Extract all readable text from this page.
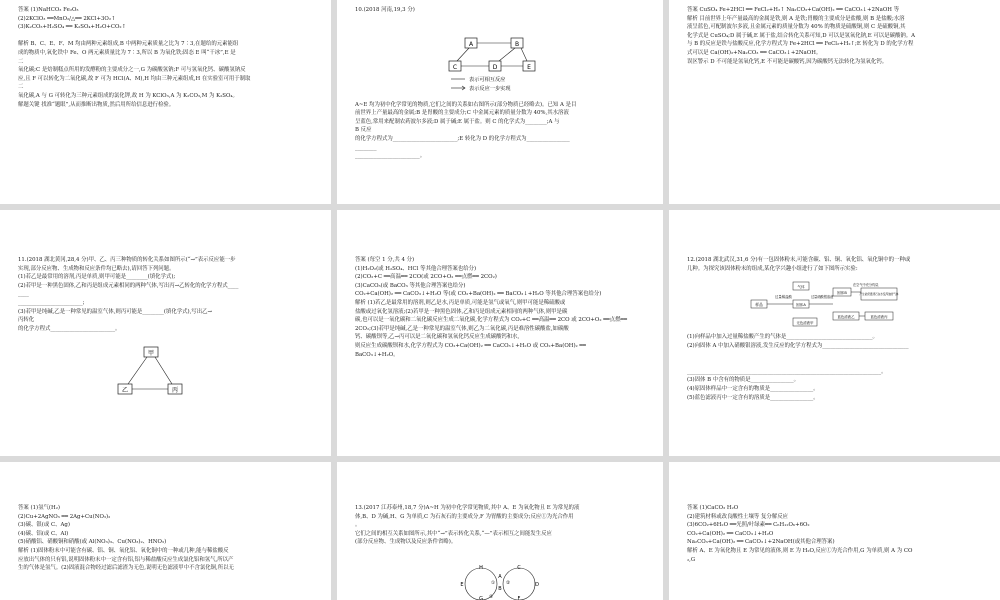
答案 (1)NaHCO₃ Fe₂O₃
(2)2KClO₃ ══MnO₂/△══ 2KCl+3O₂↑
(3)K₂CO₃+H₂SO₄ ══ K₂SO₄+H₂O+CO₂↑
解析 B、C、E、F、M 均由两种元素组成,B 中两种元素质量之比为 7∶3,在题给的元素能组
成的物质中,氧化铁中 Fe、O 两元素质量比为 7∶3,所以 B 为氧化铁;固态 E 叫“干冰”,E 是
二
氧化碳;C 是焙制糕点所用的发酵粉的主要成分之一,G 为碳酸氢钠;F 可与氢氧化钙、碳酸氢钠反
应,且 F 可以转化为二氧化碳,故 F 可为 HCl(A、M),H 均由三种元素组成,H 在实验室可用于制取
二
氧化碳,A 与 G 可转化为三种元素组成的氯化钾,故 H 为 KClO₃,A 为 K₂CO₃,M 为 K₂SO₄。
解题关键 找准“题眼”,从而推断出物质,然后用所给信息进行检验。
10.(2018 河南,19,3 分)
A~E 均为初中化学常见的物质,它们之间的关系如右图所示(部分物质已经略去)。已知 A 是目
前世界上产量最高的金属;B 是胃酸的主要成分;C 中金属元素的质量分数为 40%,其水溶液
呈蓝色,常用来配制农药波尔多液;D 属于碱;E 属于盐。则 C 的化学式为________;A 与
B 反应
的化学方程式为________________________;E 转化为 D 的化学方程式为________________
________
________________________。
A	B
C	D	E
表示可相互反应
表示反应一步实现
答案 CuSO₄ Fe+2HCl ══ FeCl₂+H₂↑ Na₂CO₃+Ca(OH)₂ ══ CaCO₃↓+2NaOH 等
解析 目前世界上年产量最高的金属是铁,则 A 是铁;胃酸的主要成分是盐酸,则 B 是盐酸;水溶
液呈蓝色,可配制波尔多液,且金属元素的质量分数为 40% 的物质是硫酸铜,则 C 是硫酸铜,其
化学式是 CuSO₄;D 属于碱,E 属于盐,结合转化关系可知,D 可以是氢氧化钠,E 可以是碳酸钠。A
与 B 的反应是铁与盐酸反应,化学方程式为 Fe+2HCl ══ FeCl₂+H₂↑;E 转化为 D 的化学方程
式可以是 Ca(OH)₂+Na₂CO₃ ══ CaCO₃↓+2NaOH。
误区警示 D 不可能是氢氧化钙,E 不可能是碳酸钙,因为碳酸钙无法转化为氢氧化钙。
11.(2018 湖北黄冈,28,4 分)甲、乙、丙三种物质的转化关系如图所示(“→”表示反应能一步
实现,部分反应物、生成物和反应条件均已略去),请回答下列问题。
(1)若乙是最常用的溶剂,丙是单质,则甲可能是________(填化学式);
(2)若甲是一种黑色固体,乙和丙是组成元素相同的两种气体,写出丙→乙转化的化学方程式____
____
________________________;
(3)若甲是纯碱,乙是一种常见的温室气体,则丙可能是________(填化学式),写出乙→
丙转化
的化学方程式________________________。
甲
乙	丙
答案 (每空 1 分,共 4 分)
(1)H₂O₂(或 H₂SO₄、HCl 等其他合理答案也给分)
(2)CO₂+C ══高温══ 2CO(或 2CO+O₂ ══点燃══ 2CO₂)
(3)CaCO₃(或 BaCO₃ 等其他合理答案也给分)
CO₂+Ca(OH)₂ ══ CaCO₃↓+H₂O 等(或 CO₂+Ba(OH)₂ ══ BaCO₃↓+H₂O 等其他合理答案也给分)
解析 (1)若乙是最常用的溶剂,则乙是水,丙是单质,可能是氢气或氧气,则甲可能是稀硫酸或
盐酸或过氧化氢溶液;(2)若甲是一种黑色固体,乙和丙是组成元素相同的两种气体,则甲是碳
碳,也可以是一氧化碳和二氧化碳反应生成二氧化碳,化学方程式为 CO₂+C ══高温══ 2CO 或 2CO+O₂ ══点燃══
2CO₂;(3)若甲是纯碱,乙是一种常见的温室气体,则乙为二氧化碳,丙是难溶性碳酸盐,如碳酸
钙、碳酸钡等,乙→丙可以是二氧化碳和氢氧化钙反应生成碳酸钙和水,
则反应生成碳酸钡和水,化学方程式为 CO₂+Ca(OH)₂ ══ CaCO₃↓+H₂O 或 CO₂+Ba(OH)₂ ══
BaCO₃↓+H₂O。
12.(2018 湖北武汉,31,6 分)有一包固体粉末,可能含碳、铝、铜、氧化铝、氧化铜中的一种或
几种。为探究该固体粉末的组成,某化学兴趣小组进行了如下图所示实验:
(1)向样品中加入过量稀盐酸产生的气体是________________________________。
(2)向固体 A 中加入硝酸银溶液,发生反应的化学方程式为________________________________
________________________________________________________________________。
(3)固体 B 中含有的物质是________________。
(4)原固体样品中一定含有的物质是________________。
(5)蓝色滤液丙中一定含有的溶质是________________。
样品
过量稀盐酸
气体
固体A
过量硝酸银溶液
无色滤液甲
固体B
蓝色滤液乙
在空气中充分灼烧
产生能使澄清石灰水变浑浊的气体
蓝色滤液丙
答案 (1)氢气(H₂)
(2)Cu+2AgNO₃ ══ 2Ag+Cu(NO₃)₂
(3)碳、银(或 C、Ag)
(4)碳、铝(或 C、Al)
(5)硝酸铝、硝酸铜和硝酸(或 Al(NO₃)₃、Cu(NO₃)₂、HNO₃)
解析 (1)固体粉末中可能含有碳、铝、铜、氧化铝、氧化铜中的一种或几种,能与稀盐酸反
应放出气体的只有铝,说明固体粉末中一定含有铝,铝与稀盐酸反应生成氯化铝和氢气,所以产
生的气体是氢气。(2)固液混合物经过滤后滤渣为无色,说明无色滤液甲中不含氯化铜,所以无
13.(2017 江苏泰州,18,7 分)A~H 为初中化学常见物质,其中 A、E 为氧化物且 E 为常见的液
体,B、D 为碱,H、G 为单质,C 为石灰石的主要成分,F 为胃酸的主要成分;反应①为光合作用
。
它们之间的相互关系如图所示,其中“→”表示转化关系,“—”表示相互之间能发生反应
(部分反应物、生成物以及反应条件省略)。
H
A
B
C
D
E
F
G
① ②
③
答案 (1)CaCO₃ H₂O
(2)建筑材料或改良酸性土壤等 复分解反应
(3)6CO₂+6H₂O ══光照/叶绿素══ C₆H₁₂O₆+6O₂
CO₂+Ca(OH)₂ ══ CaCO₃↓+H₂O
Na₂CO₃+Ca(OH)₂ ══ CaCO₃↓+2NaOH(或其他合理答案)
解析 A、E 为氧化物且 E 为常见的液体,则 E 为 H₂O,反应①为光合作用,G 为单质,则 A 为 CO
₂,G
